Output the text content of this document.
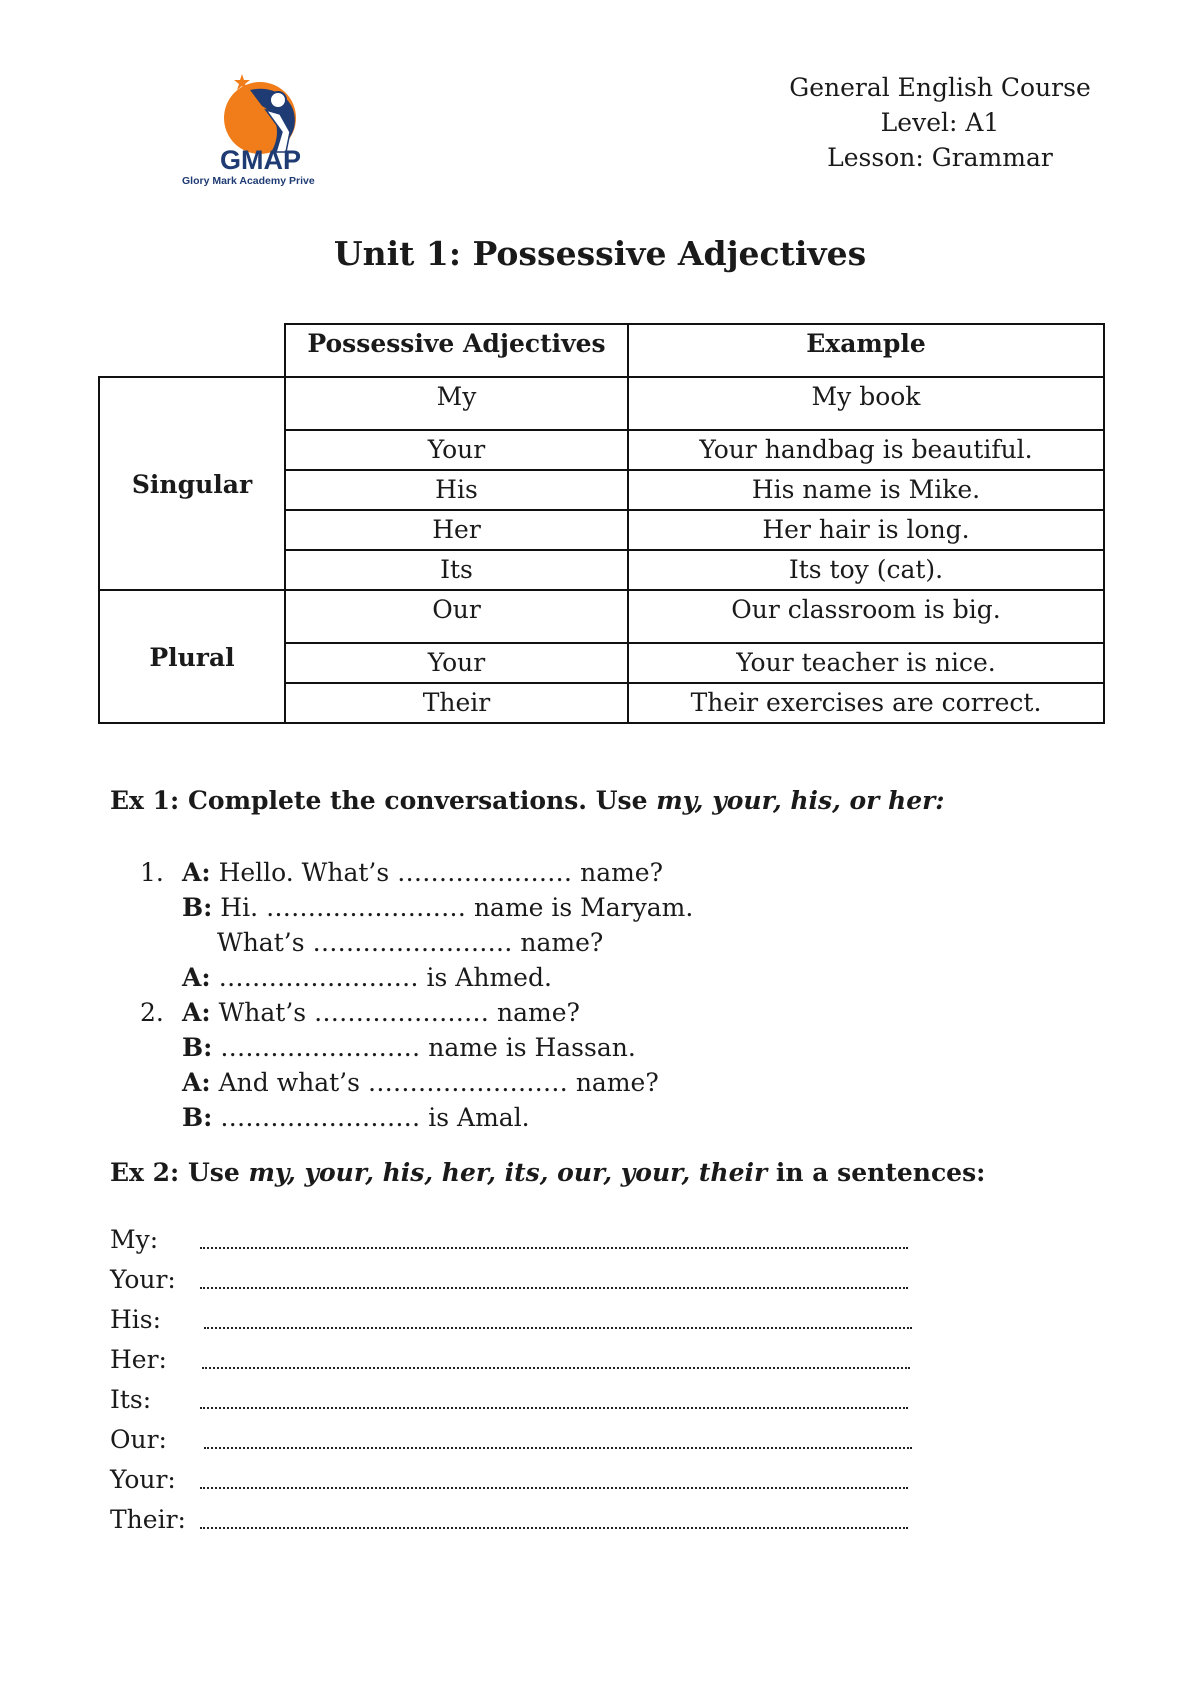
GMAP
Glory Mark Academy Prive
General English Course
Level: A1
Lesson: Grammar
Unit 1: Possessive Adjectives
	Possessive Adjectives	Example
Singular	My	My book
	Your	Your handbag is beautiful.
	His	His name is Mike.
	Her	Her hair is long.
	Its	Its toy (cat).
Plural	Our	Our classroom is big.
	Your	Your teacher is nice.
	Their	Their exercises are correct.
Ex 1: Complete the conversations. Use my, your, his, or her:
1. A: Hello. What’s ………………… name?
B: Hi. …………………… name is Maryam.
What’s …………………… name?
A: …………………… is Ahmed.
2. A: What’s ………………… name?
B: …………………… name is Hassan.
A: And what’s …………………… name?
B: …………………… is Amal.
Ex 2: Use my, your, his, her, its, our, your, their in a sentences:
My:
Your:
His:
Her:
Its:
Our:
Your:
Their:
